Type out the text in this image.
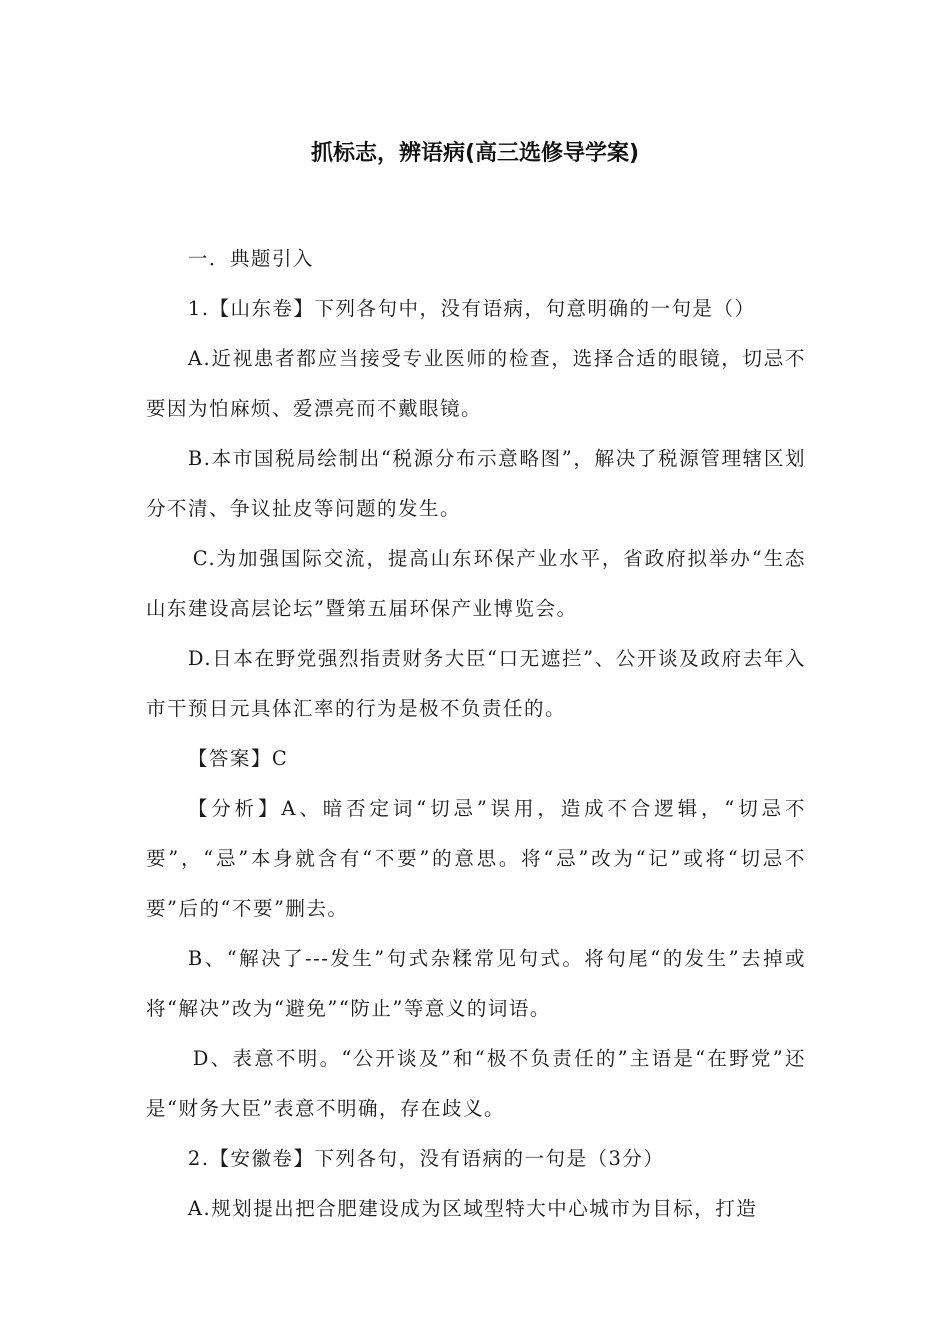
抓标志，辨语病(高三选修导学案)

一．典题引入

1.【山东卷】下列各句中，没有语病，句意明确的一句是（）

A.近视患者都应当接受专业医师的检查，选择合适的眼镜，切忌不要因为怕麻烦、爱漂亮而不戴眼镜。

B.本市国税局绘制出“税源分布示意略图”，解决了税源管理辖区划分不清、争议扯皮等问题的发生。

C.为加强国际交流，提高山东环保产业水平，省政府拟举办“生态山东建设高层论坛”暨第五届环保产业博览会。

D.日本在野党强烈指责财务大臣“口无遮拦”、公开谈及政府去年入市干预日元具体汇率的行为是极不负责任的。

【答案】C

【分析】A、暗否定词“切忌”误用，造成不合逻辑，“切忌不要”，“忌”本身就含有“不要”的意思。将“忌”改为“记”或将“切忌不要”后的“不要”删去。

B、“解决了---发生”句式杂糅常见句式。将句尾“的发生”去掉或将“解决”改为“避免”“防止”等意义的词语。

D、表意不明。“公开谈及”和“极不负责任的”主语是“在野党”还是“财务大臣”表意不明确，存在歧义。

2.【安徽卷】下列各句，没有语病的一句是（3分）

A.规划提出把合肥建设成为区域型特大中心城市为目标，打造
